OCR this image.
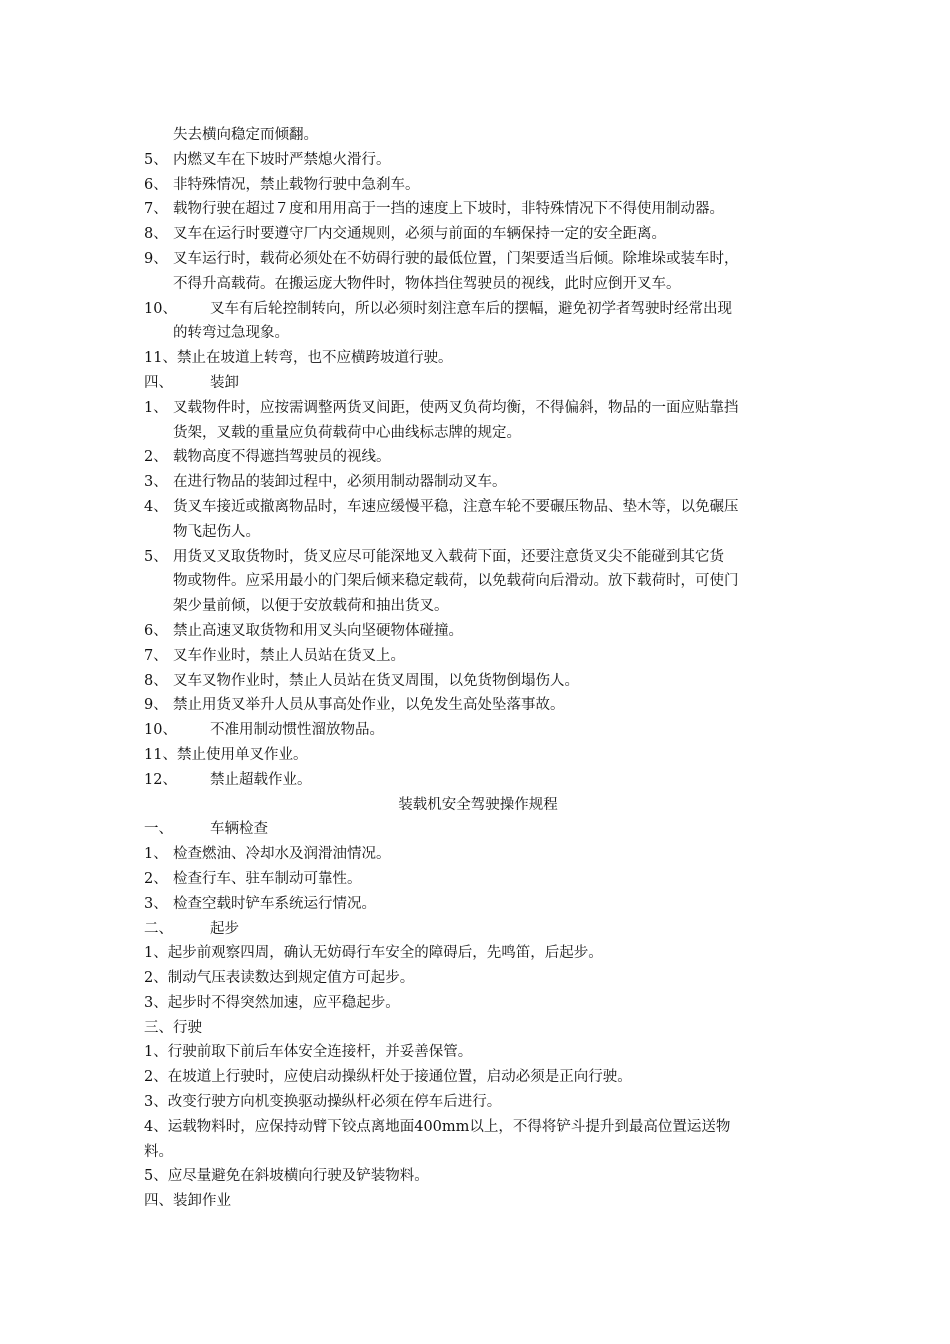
失去横向稳定而倾翻。
5、 内燃叉车在下坡时严禁熄火滑行。
6、 非特殊情况，禁止载物行驶中急刹车。
7、 载物行驶在超过７度和用用高于一挡的速度上下坡时，非特殊情况下不得使用制动器。
8、 叉车在运行时要遵守厂内交通规则，必须与前面的车辆保持一定的安全距离。
9、 叉车运行时，载荷必须处在不妨碍行驶的最低位置，门架要适当后倾。除堆垛或装车时，
不得升高载荷。在搬运庞大物件时，物体挡住驾驶员的视线，此时应倒开叉车。
10、	叉车有后轮控制转向，所以必须时刻注意车后的摆幅，避免初学者驾驶时经常出现
的转弯过急现象。
11、禁止在坡道上转弯，也不应横跨坡道行驶。
四、	装卸
1、 叉载物件时，应按需调整两货叉间距，使两叉负荷均衡，不得偏斜，物品的一面应贴靠挡
货架，叉载的重量应负荷载荷中心曲线标志牌的规定。
2、 载物高度不得遮挡驾驶员的视线。
3、 在进行物品的装卸过程中，必须用制动器制动叉车。
4、 货叉车接近或撤离物品时，车速应缓慢平稳，注意车轮不要碾压物品、垫木等，以免碾压
物飞起伤人。
5、 用货叉叉取货物时，货叉应尽可能深地叉入载荷下面，还要注意货叉尖不能碰到其它货
物或物件。应采用最小的门架后倾来稳定载荷，以免载荷向后滑动。放下载荷时，可使门
架少量前倾，以便于安放载荷和抽出货叉。
6、 禁止高速叉取货物和用叉头向坚硬物体碰撞。
7、 叉车作业时，禁止人员站在货叉上。
8、 叉车叉物作业时，禁止人员站在货叉周围，以免货物倒塌伤人。
9、 禁止用货叉举升人员从事高处作业，以免发生高处坠落事故。
10、	不准用制动惯性溜放物品。
11、禁止使用单叉作业。
12、	禁止超载作业。
装载机安全驾驶操作规程
一、	车辆检查
1、 检查燃油、冷却水及润滑油情况。
2、 检查行车、驻车制动可靠性。
3、 检查空载时铲车系统运行情况。
二、	起步
1、起步前观察四周，确认无妨碍行车安全的障碍后，先鸣笛，后起步。
2、制动气压表读数达到规定值方可起步。
3、起步时不得突然加速，应平稳起步。
三、行驶
1、行驶前取下前后车体安全连接杆，并妥善保管。
2、在坡道上行驶时，应使启动操纵杆处于接通位置，启动必须是正向行驶。
3、改变行驶方向机变换驱动操纵杆必须在停车后进行。
4、运载物料时，应保持动臂下铰点离地面400mm以上，不得将铲斗提升到最高位置运送物
料。
5、应尽量避免在斜坡横向行驶及铲装物料。
四、装卸作业
